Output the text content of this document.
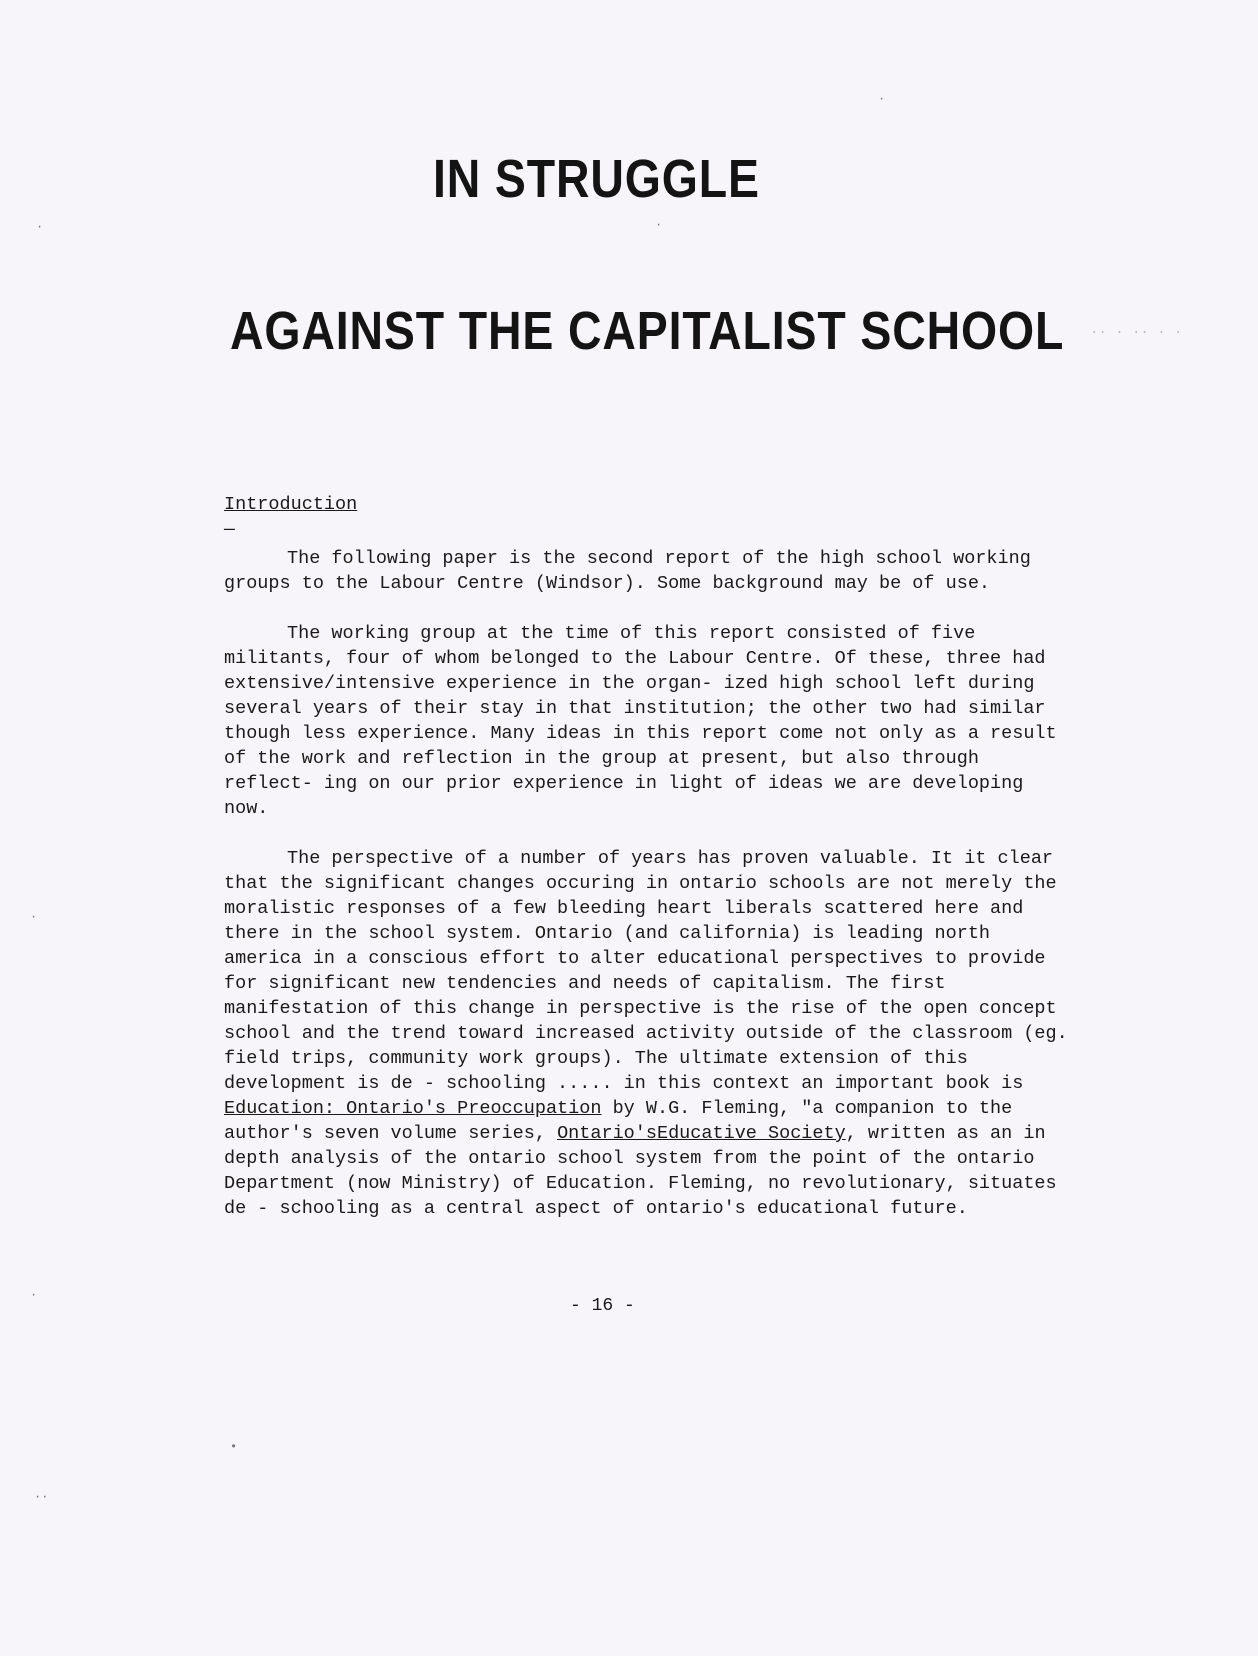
·· · ·· · ·
IN STRUGGLE
AGAINST THE CAPITALIST SCHOOL
Introduction
—

The following paper is the second report of the high school working groups to the Labour Centre (Windsor). Some background may be of use.

The working group at the time of this report consisted of five militants, four of whom belonged to the Labour Centre. Of these, three had extensive/intensive experience in the organ- ized high school left during several years of their stay in that institution; the other two had similar though less experience. Many ideas in this report come not only as a result of the work and reflection in the group at present, but also through reflect- ing on our prior experience in light of ideas we are developing now.

The perspective of a number of years has proven valuable. It it clear that the significant changes occuring in ontario schools are not merely the moralistic responses of a few bleeding heart liberals scattered here and there in the school system. Ontario (and california) is leading north america in a conscious effort to alter educational perspectives to provide for significant new tendencies and needs of capitalism. The first manifestation of this change in perspective is the rise of the open concept school and the trend toward increased activity outside of the classroom (eg. field trips, community work groups). The ultimate extension of this development is de - schooling ..... in this context an important book is Education: Ontario's Preoccupation by W.G. Fleming, "a companion to the author's seven volume series, Ontario'sEducative Society, written as an in depth analysis of the ontario school system from the point of the ontario Department (now Ministry) of Education. Fleming, no revolutionary, situates de - schooling as a central aspect of ontario's educational future.

- 16 -
·
·
·
·
·
•
··
